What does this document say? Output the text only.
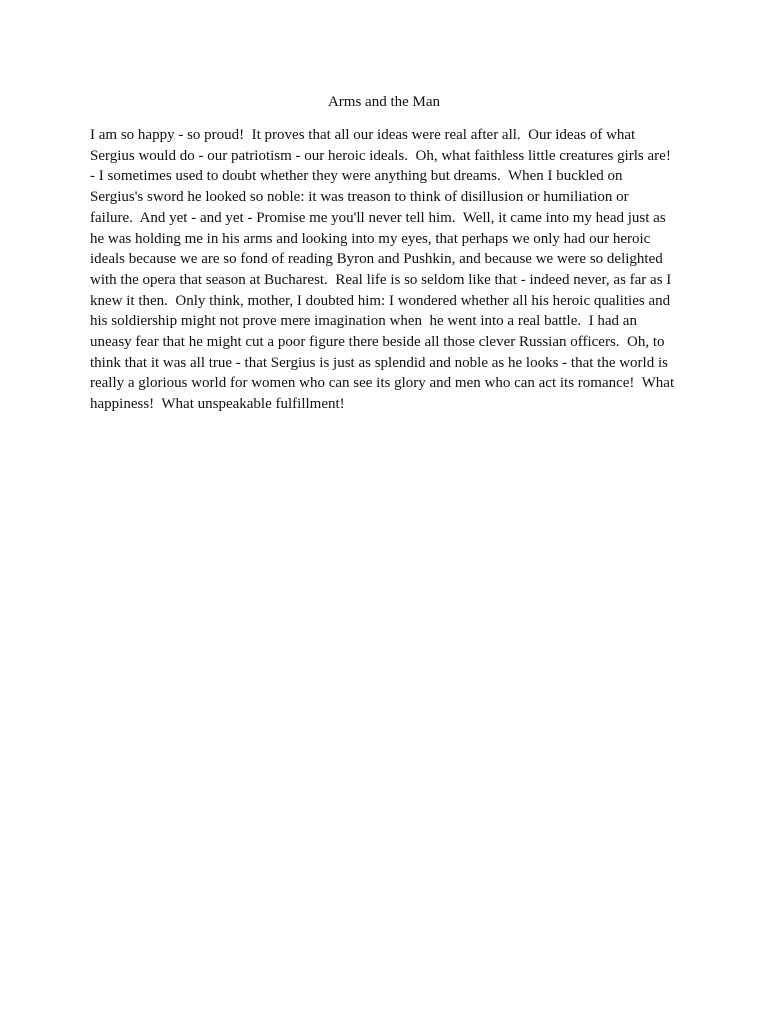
Arms and the Man
I am so happy - so proud!  It proves that all our ideas were real after all.  Our ideas of what
Sergius would do - our patriotism - our heroic ideals.  Oh, what faithless little creatures girls are!
- I sometimes used to doubt whether they were anything but dreams.  When I buckled on
Sergius's sword he looked so noble: it was treason to think of disillusion or humiliation or
failure.  And yet - and yet - Promise me you'll never tell him.  Well, it came into my head just as
he was holding me in his arms and looking into my eyes, that perhaps we only had our heroic
ideals because we are so fond of reading Byron and Pushkin, and because we were so delighted
with the opera that season at Bucharest.  Real life is so seldom like that - indeed never, as far as I
knew it then.  Only think, mother, I doubted him: I wondered whether all his heroic qualities and
his soldiership might not prove mere imagination when  he went into a real battle.  I had an
uneasy fear that he might cut a poor figure there beside all those clever Russian officers.  Oh, to
think that it was all true - that Sergius is just as splendid and noble as he looks - that the world is
really a glorious world for women who can see its glory and men who can act its romance!  What
happiness!  What unspeakable fulfillment!
